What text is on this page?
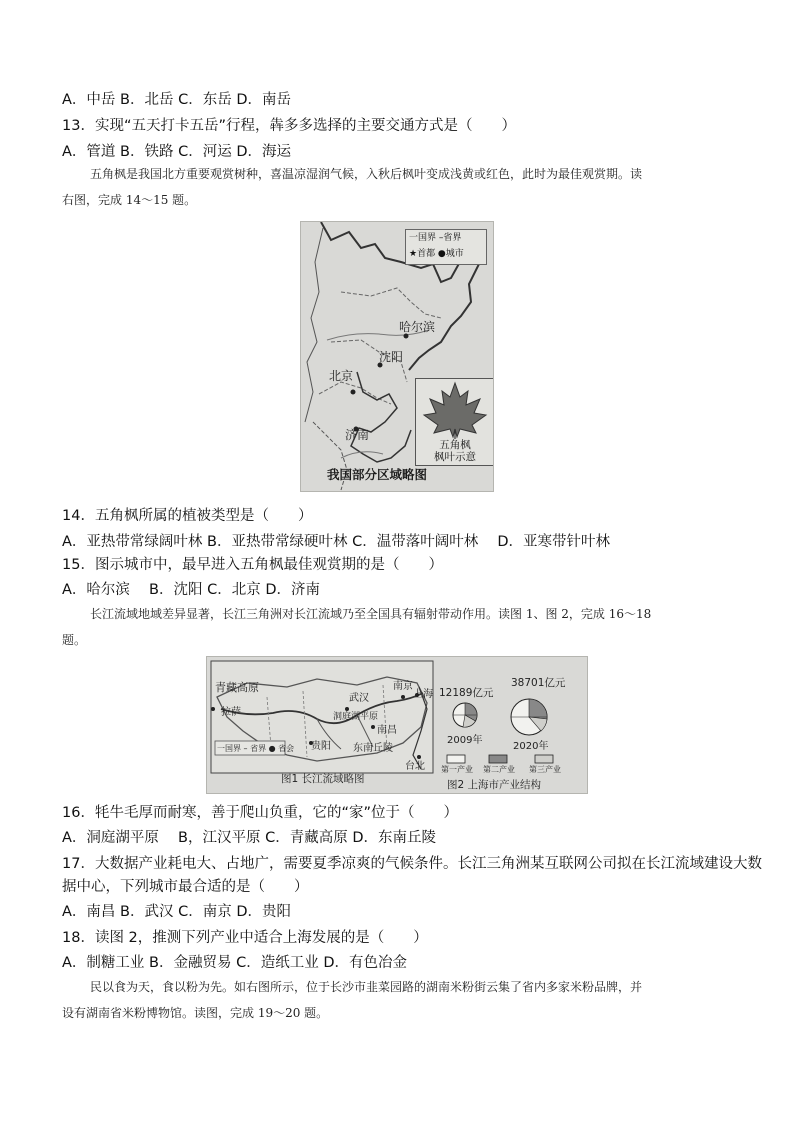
A．中岳 B．北岳 C．东岳 D．南岳
13．实现“五天打卡五岳”行程，犇多多选择的主要交通方式是（　　）
A．管道 B．铁路 C．河运 D．海运
五角枫是我国北方重要观赏树种，喜温凉湿润气候，入秋后枫叶变成浅黄或红色，此时为最佳观赏期。读
右图，完成 14～15 题。
一国界 –省界
★首都 ●城市
哈尔滨
沈阳
北京
济南
五角枫
枫叶示意
我国部分区域略图
14．五角枫所属的植被类型是（　　）
A．亚热带常绿阔叶林 B．亚热带常绿硬叶林 C．温带落叶阔叶林　 D．亚寒带针叶林
15．图示城市中，最早进入五角枫最佳观赏期的是（　　）
A．哈尔滨　 B．沈阳 C．北京 D．济南
长江流域地域差异显著，长江三角洲对长江流域乃至全国具有辐射带动作用。读图 1、图 2，完成 16～18
题。
青藏高原
拉萨
武汉
南京
上海
洞庭湖平原
南昌
贵阳 东南丘陵
台北
一国界 – 省界 ● 省会
图1 长江流域略图
12189亿元
38701亿元
2009年
2020年
第一产业 第二产业 第三产业
图2 上海市产业结构
16．牦牛毛厚而耐寒，善于爬山负重，它的“家”位于（　　）
A．洞庭湖平原　 B，江汉平原 C．青藏高原 D．东南丘陵
17．大数据产业耗电大、占地广，需要夏季凉爽的气候条件。长江三角洲某互联网公司拟在长江流域建设大数
据中心，下列城市最合适的是（　　）
A．南昌 B．武汉 C．南京 D．贵阳
18．读图 2，推测下列产业中适合上海发展的是（　　）
A．制糖工业 B．金融贸易 C．造纸工业 D．有色冶金
民以食为天，食以粉为先。如右图所示，位于长沙市韭菜园路的湖南米粉街云集了省内多家米粉品牌，并
设有湖南省米粉博物馆。读图，完成 19～20 题。
